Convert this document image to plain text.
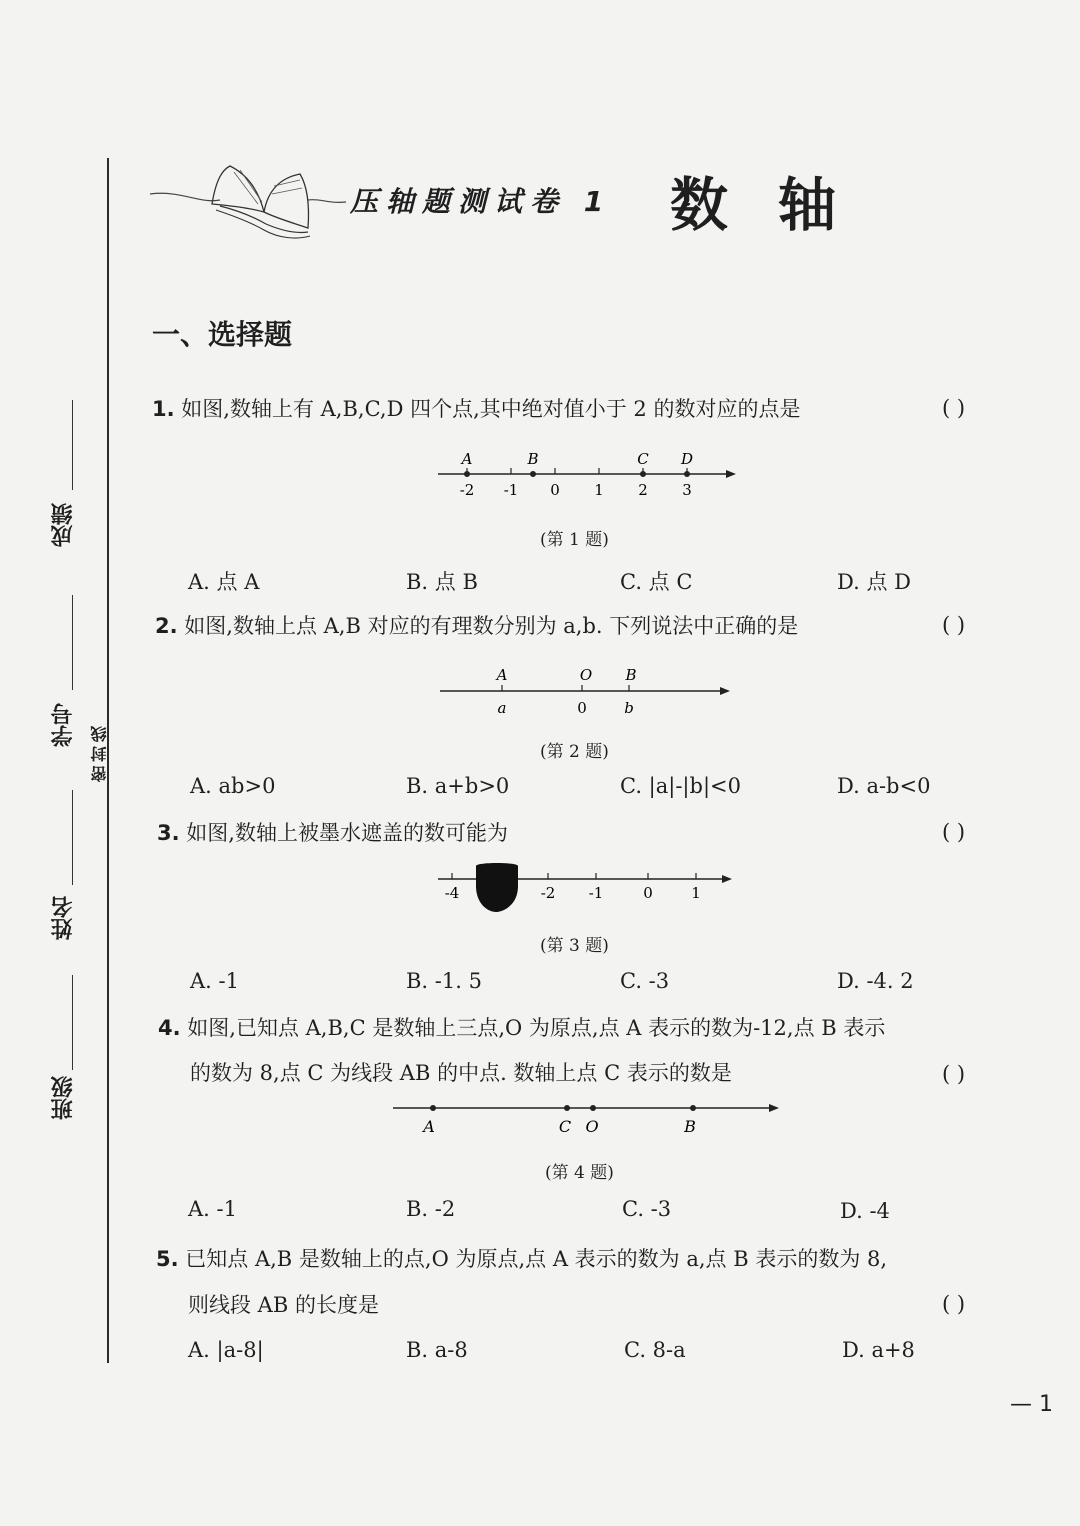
成绩
学号
姓名
班级
密封线
压轴题测试卷 1 数轴
一、选择题
1. 如图,数轴上有 A,B,C,D 四个点,其中绝对值小于 2 的数对应的点是	( )
A	B	C D
-2 -1 0 1 2 3
(第 1 题)
A. 点 A	B. 点 B	C. 点 C	D. 点 D
2. 如图,数轴上点 A,B 对应的有理数分别为 a,b. 下列说法中正确的是	( )
A	O B
a	b
0
(第 2 题)
A. ab>0	B. a+b>0	C. |a|-|b|<0	D. a-b<0
3. 如图,数轴上被墨水遮盖的数可能为	( )
-4	-2 -1	0	1
(第 3 题)
A. -1	B. -1. 5	C. -3	D. -4. 2
4. 如图,已知点 A,B,C 是数轴上三点,O 为原点,点 A 表示的数为-12,点 B 表示
的数为 8,点 C 为线段 AB 的中点. 数轴上点 C 表示的数是	( )
A	C O	B
(第 4 题)
A. -1	B. -2	C. -3	D. -4
5. 已知点 A,B 是数轴上的点,O 为原点,点 A 表示的数为 a,点 B 表示的数为 8,
则线段 AB 的长度是	( )
A. |a-8|	B. a-8	C. 8-a	D. a+8
— 1
